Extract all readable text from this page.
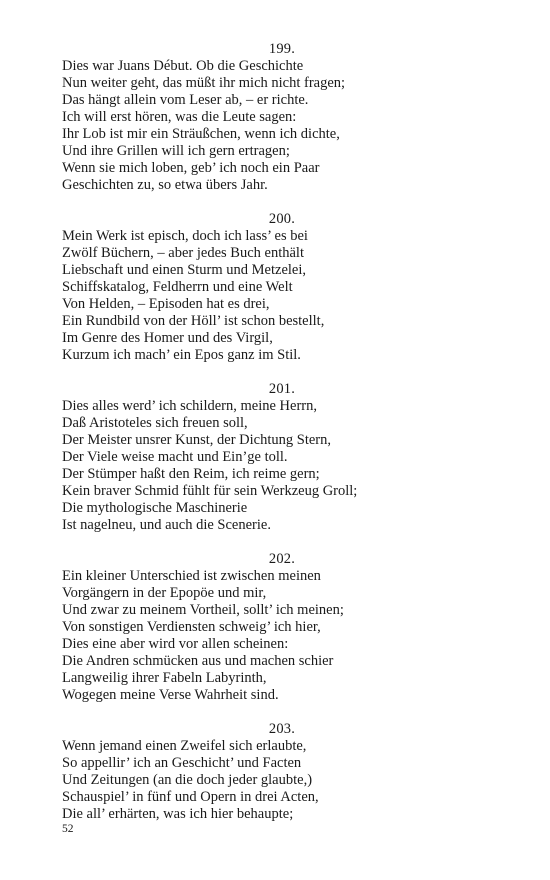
199.
Dies war Juans Début. Ob die Geschichte
Nun weiter geht, das müßt ihr mich nicht fragen;
Das hängt allein vom Leser ab, – er richte.
Ich will erst hören, was die Leute sagen:
Ihr Lob ist mir ein Sträußchen, wenn ich dichte,
Und ihre Grillen will ich gern ertragen;
Wenn sie mich loben, geb’ ich noch ein Paar
Geschichten zu, so etwa übers Jahr.
200.
Mein Werk ist episch, doch ich lass’ es bei
Zwölf Büchern, – aber jedes Buch enthält
Liebschaft und einen Sturm und Metzelei,
Schiffskatalog, Feldherrn und eine Welt
Von Helden, – Episoden hat es drei,
Ein Rundbild von der Höll’ ist schon bestellt,
Im Genre des Homer und des Virgil,
Kurzum ich mach’ ein Epos ganz im Stil.
201.
Dies alles werd’ ich schildern, meine Herrn,
Daß Aristoteles sich freuen soll,
Der Meister unsrer Kunst, der Dichtung Stern,
Der Viele weise macht und Ein’ge toll.
Der Stümper haßt den Reim, ich reime gern;
Kein braver Schmid fühlt für sein Werkzeug Groll;
Die mythologische Maschinerie
Ist nagelneu, und auch die Scenerie.
202.
Ein kleiner Unterschied ist zwischen meinen
Vorgängern in der Epopöe und mir,
Und zwar zu meinem Vortheil, sollt’ ich meinen;
Von sonstigen Verdiensten schweig’ ich hier,
Dies eine aber wird vor allen scheinen:
Die Andren schmücken aus und machen schier
Langweilig ihrer Fabeln Labyrinth,
Wogegen meine Verse Wahrheit sind.
203.
Wenn jemand einen Zweifel sich erlaubte,
So appellir’ ich an Geschicht’ und Facten
Und Zeitungen (an die doch jeder glaubte,)
Schauspiel’ in fünf und Opern in drei Acten,
Die all’ erhärten, was ich hier behaupte;
52
